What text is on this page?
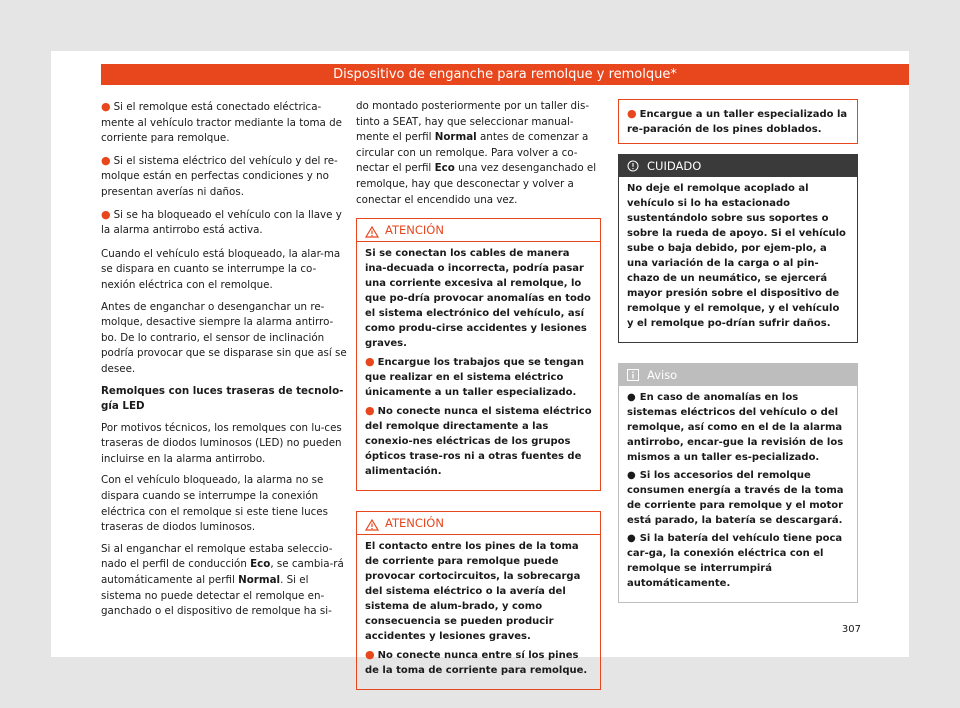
Dispositivo de enganche para remolque y remolque*

● Si el remolque está conectado eléctrica-mente al vehículo tractor mediante la toma de corriente para remolque.

● Si el sistema eléctrico del vehículo y del re-molque están en perfectas condiciones y no presentan averías ni daños.

● Si se ha bloqueado el vehículo con la llave y la alarma antirrobo está activa.

Cuando el vehículo está bloqueado, la alar-ma se dispara en cuanto se interrumpe la co-nexión eléctrica con el remolque.

Antes de enganchar o desenganchar un re-molque, desactive siempre la alarma antirro-bo. De lo contrario, el sensor de inclinación podría provocar que se disparase sin que así se desee.

Remolques con luces traseras de tecnolo-gía LED

Por motivos técnicos, los remolques con lu-ces traseras de diodos luminosos (LED) no pueden incluirse en la alarma antirrobo.

Con el vehículo bloqueado, la alarma no se dispara cuando se interrumpe la conexión eléctrica con el remolque si este tiene luces traseras de diodos luminosos.

Si al enganchar el remolque estaba seleccio-nado el perfil de conducción Eco, se cambia-rá automáticamente al perfil Normal. Si el sistema no puede detectar el remolque en-ganchado o el dispositivo de remolque ha si-

do montado posteriormente por un taller dis-tinto a SEAT, hay que seleccionar manual-mente el perfil Normal antes de comenzar a circular con un remolque. Para volver a co-nectar el perfil Eco una vez desenganchado el remolque, hay que desconectar y volver a conectar el encendido una vez.

ATENCIÓN

Si se conectan los cables de manera ina-decuada o incorrecta, podría pasar una corriente excesiva al remolque, lo que po-dría provocar anomalías en todo el sistema electrónico del vehículo, así como produ-cirse accidentes y lesiones graves.

● Encargue los trabajos que se tengan que realizar en el sistema eléctrico únicamente a un taller especializado.

● No conecte nunca el sistema eléctrico del remolque directamente a las conexio-nes eléctricas de los grupos ópticos trase-ros ni a otras fuentes de alimentación.

ATENCIÓN

El contacto entre los pines de la toma de corriente para remolque puede provocar cortocircuitos, la sobrecarga del sistema eléctrico o la avería del sistema de alum-brado, y como consecuencia se pueden producir accidentes y lesiones graves.

● No conecte nunca entre sí los pines de la toma de corriente para remolque.

● Encargue a un taller especializado la re-paración de los pines doblados.
CUIDADO

No deje el remolque acoplado al vehículo si lo ha estacionado sustentándolo sobre sus soportes o sobre la rueda de apoyo. Si el vehículo sube o baja debido, por ejem-plo, a una variación de la carga o al pin-chazo de un neumático, se ejercerá mayor presión sobre el dispositivo de remolque y el remolque, y el vehículo y el remolque po-drían sufrir daños.

Aviso

● En caso de anomalías en los sistemas eléctricos del vehículo o del remolque, así como en el de la alarma antirrobo, encar-gue la revisión de los mismos a un taller es-pecializado.

● Si los accesorios del remolque consumen energía a través de la toma de corriente para remolque y el motor está parado, la batería se descargará.

● Si la batería del vehículo tiene poca car-ga, la conexión eléctrica con el remolque se interrumpirá automáticamente.

307
